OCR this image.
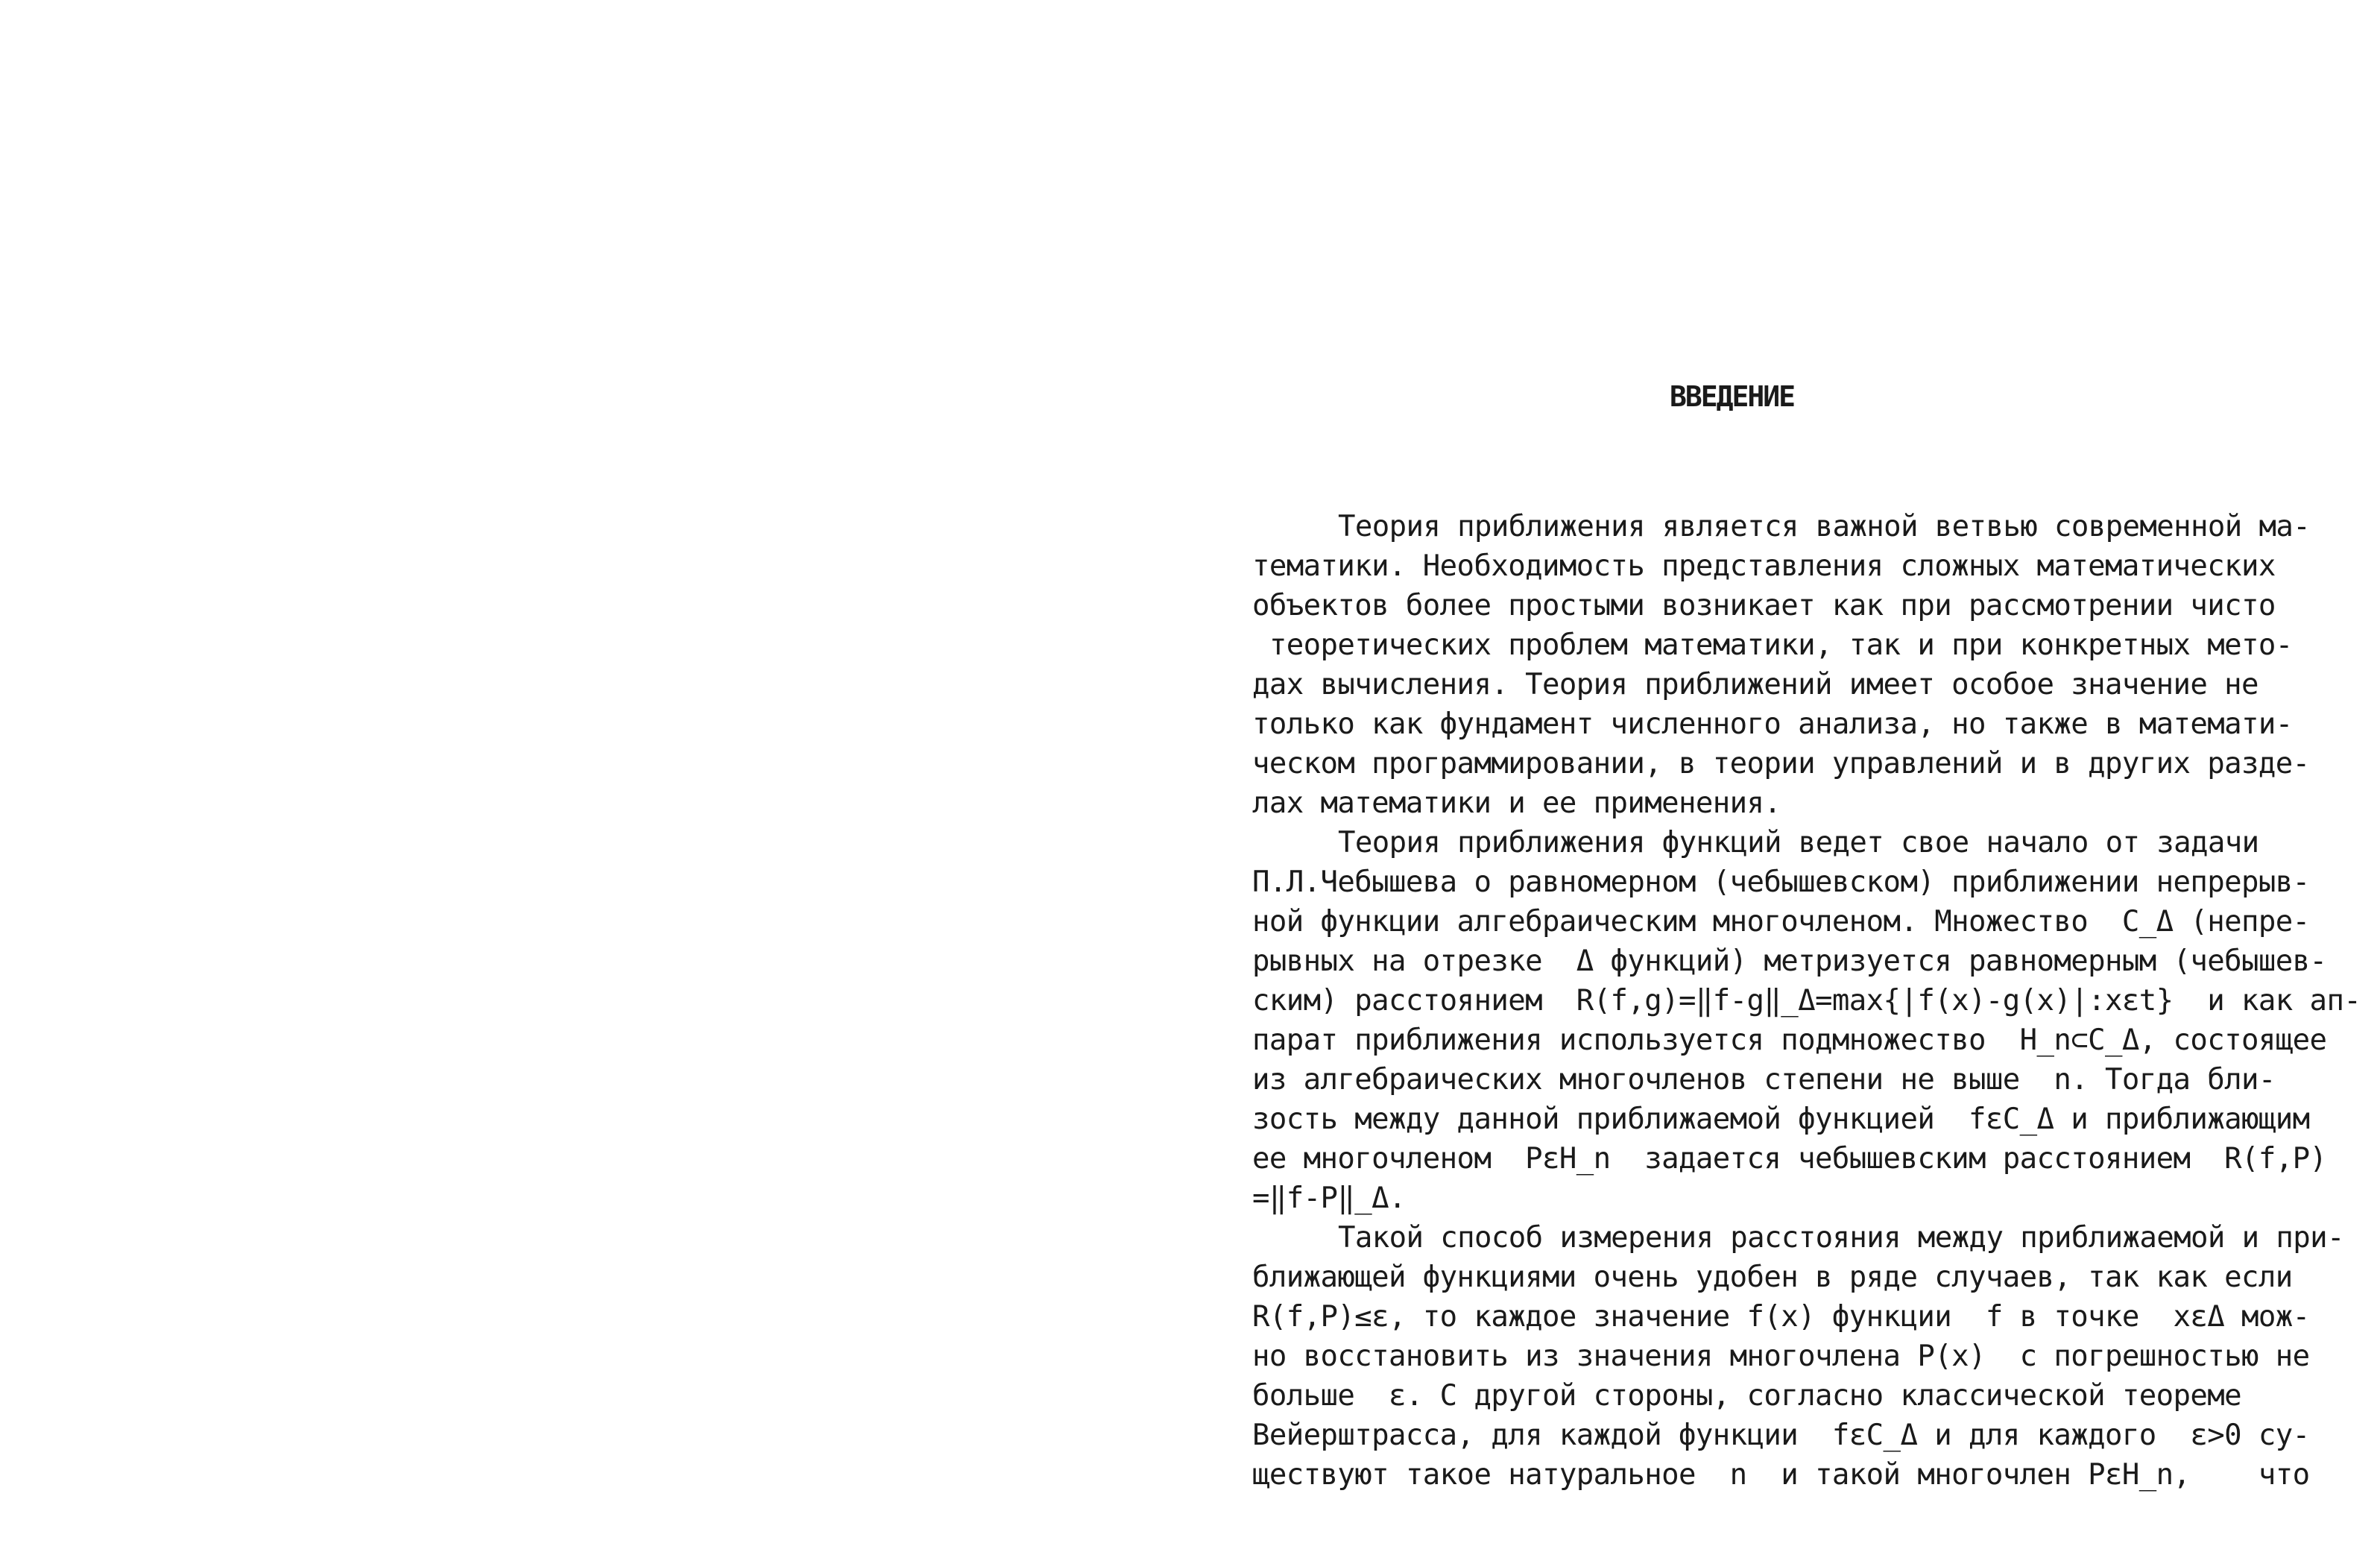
ВВЕДЕНИЕ
Теория приближения является важной ветвью современной ма-
тематики. Необходимость представления сложных математических
объектов более простыми возникает как при рассмотрении чисто
теоретических проблем математики, так и при конкретных мето-
дах вычисления. Теория приближений имеет особое значение не
только как фундамент численного анализа, но также в математи-
ческом программировании, в теории управлений и в других разде-
лах математики и ее применения.
Теория приближения функций ведет свое начало от задачи
П.Л.Чебышева о равномерном (чебышевском) приближении непрерыв-
ной функции алгебраическим многочленом. Множество  C_Δ (непре-
рывных на отрезке  Δ функций) метризуется равномерным (чебышев-
ским) расстоянием  R(f,g)=‖f-g‖_Δ=max{|f(x)-g(x)|:xεt}  и как ап-
парат приближения используется подмножество  H_n⊂C_Δ, состоящее
из алгебраических многочленов степени не выше  n. Тогда бли-
зость между данной приближаемой функцией  fεC_Δ и приближающим
ее многочленом  PεH_n  задается чебышевским расстоянием  R(f,P)
=‖f-P‖_Δ.
Такой способ измерения расстояния между приближаемой и при-
ближающей функциями очень удобен в ряде случаев, так как если
R(f,P)≤ε, то каждое значение f(x) функции  f в точке  xεΔ мож-
но восстановить из значения многочлена P(x)  с погрешностью не
больше  ε. С другой стороны, согласно классической теореме
Вейерштрасса, для каждой функции  fεC_Δ и для каждого  ε>0 су-
ществуют такое натуральное  n  и такой многочлен PεH_n,    что
